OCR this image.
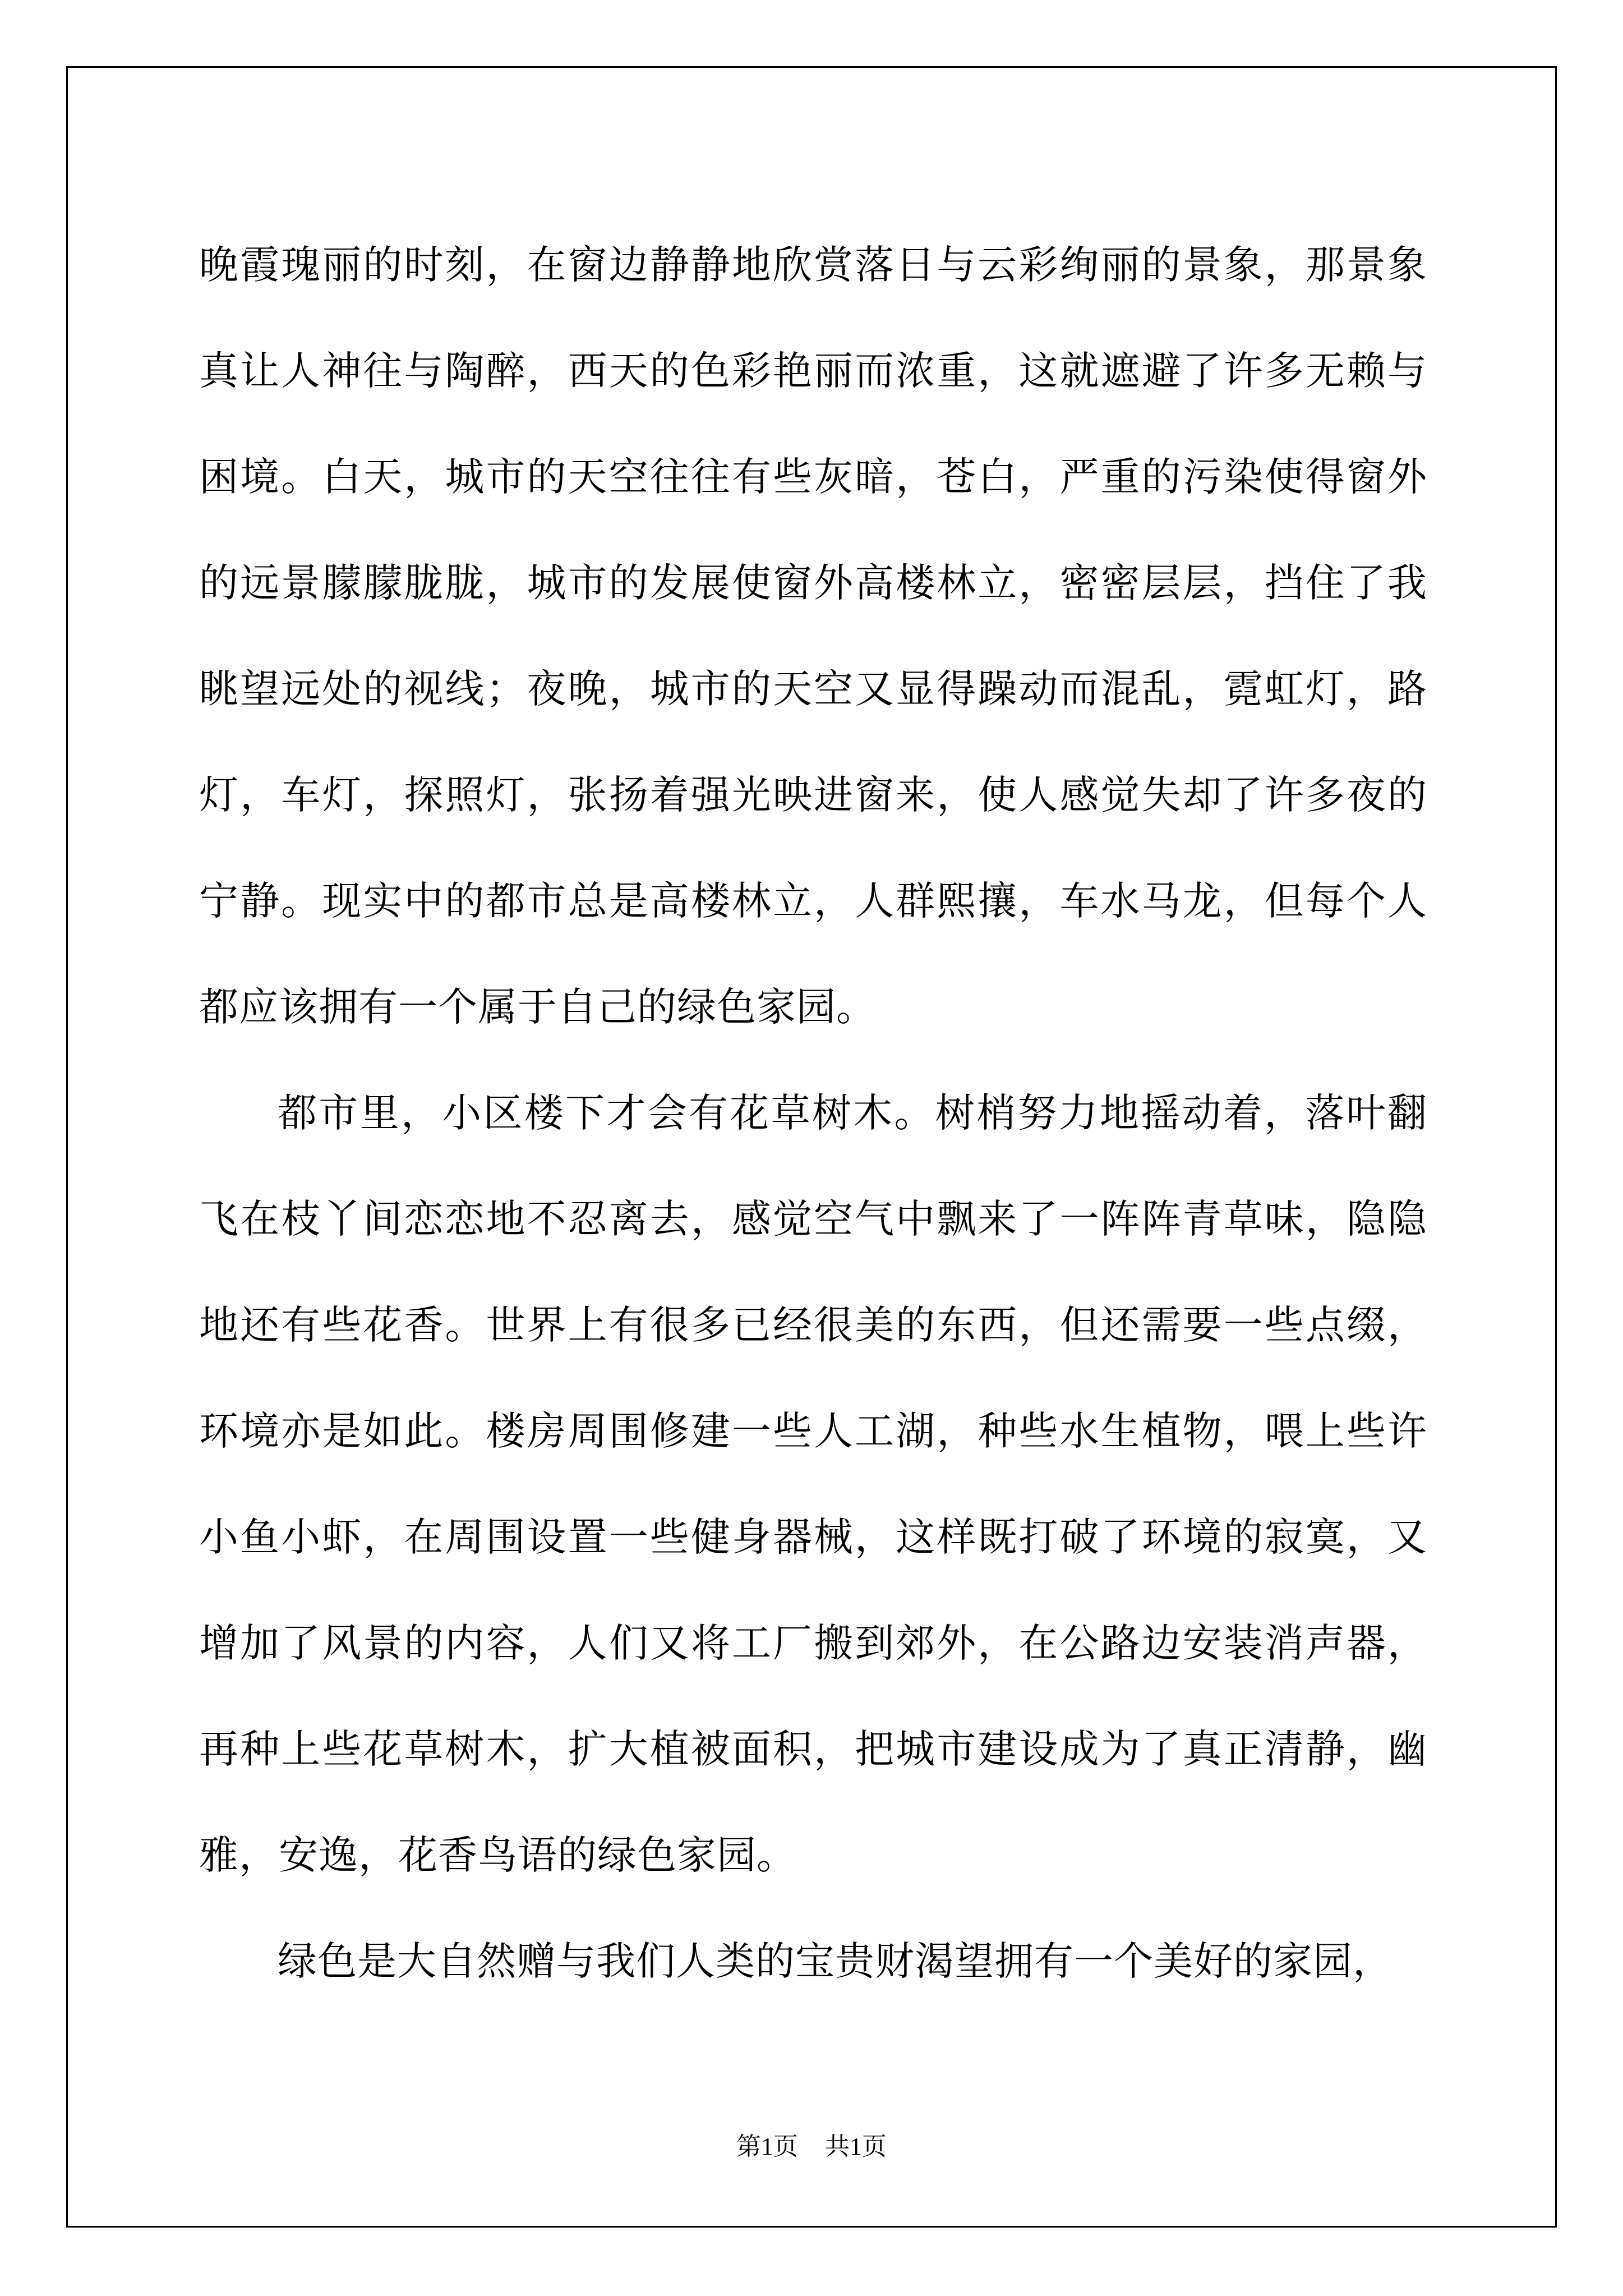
晚霞瑰丽的时刻，在窗边静静地欣赏落日与云彩绚丽的景象，那景象真让人神往与陶醉，西天的色彩艳丽而浓重，这就遮避了许多无赖与困境。白天，城市的天空往往有些灰暗，苍白，严重的污染使得窗外的远景朦朦胧胧，城市的发展使窗外高楼林立，密密层层，挡住了我眺望远处的视线；夜晚，城市的天空又显得躁动而混乱，霓虹灯，路灯，车灯，探照灯，张扬着强光映进窗来，使人感觉失却了许多夜的宁静。现实中的都市总是高楼林立，人群熙攘，车水马龙，但每个人都应该拥有一个属于自己的绿色家园。

都市里，小区楼下才会有花草树木。树梢努力地摇动着，落叶翻飞在枝丫间恋恋地不忍离去，感觉空气中飘来了一阵阵青草味，隐隐地还有些花香。世界上有很多已经很美的东西，但还需要一些点缀，环境亦是如此。楼房周围修建一些人工湖，种些水生植物，喂上些许小鱼小虾，在周围设置一些健身器械，这样既打破了环境的寂寞，又增加了风景的内容，人们又将工厂搬到郊外，在公路边安装消声器，再种上些花草树木，扩大植被面积，把城市建设成为了真正清静，幽雅，安逸，花香鸟语的绿色家园。

绿色是大自然赠与我们人类的宝贵财渴望拥有一个美好的家园，

第1页 共1页
